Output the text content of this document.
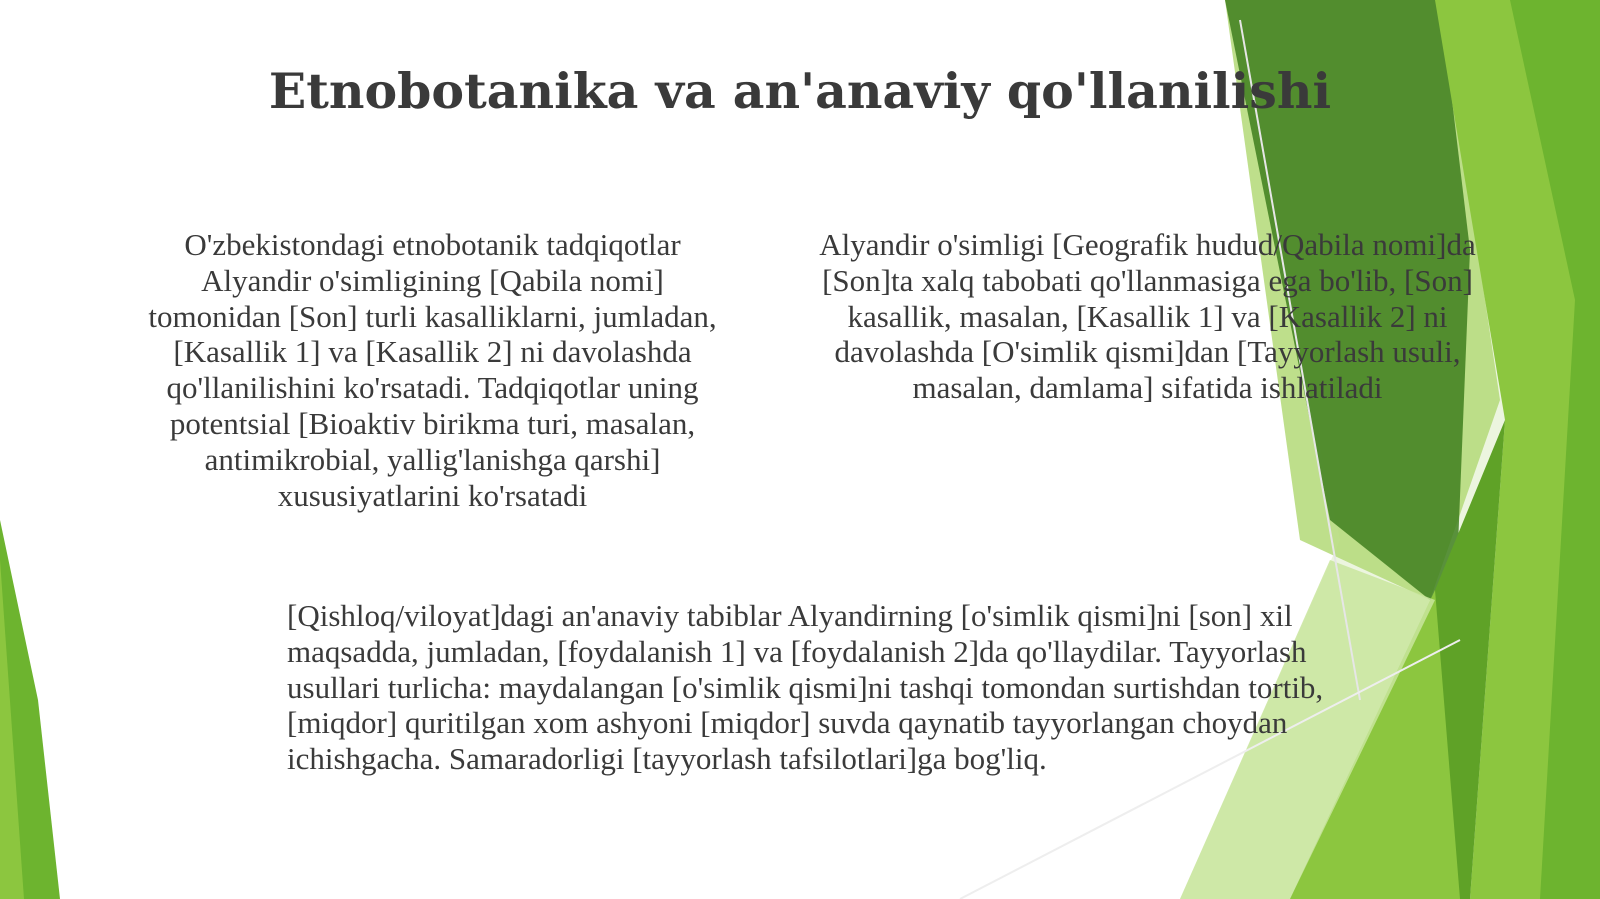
Etnobotanika va an'anaviy qo'llanilishi
O'zbekistondagi etnobotanik tadqiqotlar Alyandir o'simligining [Qabila nomi] tomonidan [Son] turli kasalliklarni, jumladan, [Kasallik 1] va [Kasallik 2] ni davolashda qo'llanilishini ko'rsatadi. Tadqiqotlar uning potentsial [Bioaktiv birikma turi, masalan, antimikrobial, yallig'lanishga qarshi] xususiyatlarini ko'rsatadi
Alyandir o'simligi [Geografik hudud/Qabila nomi]da [Son]ta xalq tabobati qo'llanmasiga ega bo'lib, [Son] kasallik, masalan, [Kasallik 1] va [Kasallik 2] ni davolashda [O'simlik qismi]dan [Tayyorlash usuli, masalan, damlama] sifatida ishlatiladi
[Qishloq/viloyat]dagi an'anaviy tabiblar Alyandirning [o'simlik qismi]ni [son] xil maqsadda, jumladan, [foydalanish 1] va [foydalanish 2]da qo'llaydilar. Tayyorlash usullari turlicha: maydalangan [o'simlik qismi]ni tashqi tomondan surtishdan tortib, [miqdor] quritilgan xom ashyoni [miqdor] suvda qaynatib tayyorlangan choydan ichishgacha. Samaradorligi [tayyorlash tafsilotlari]ga bog'liq.
